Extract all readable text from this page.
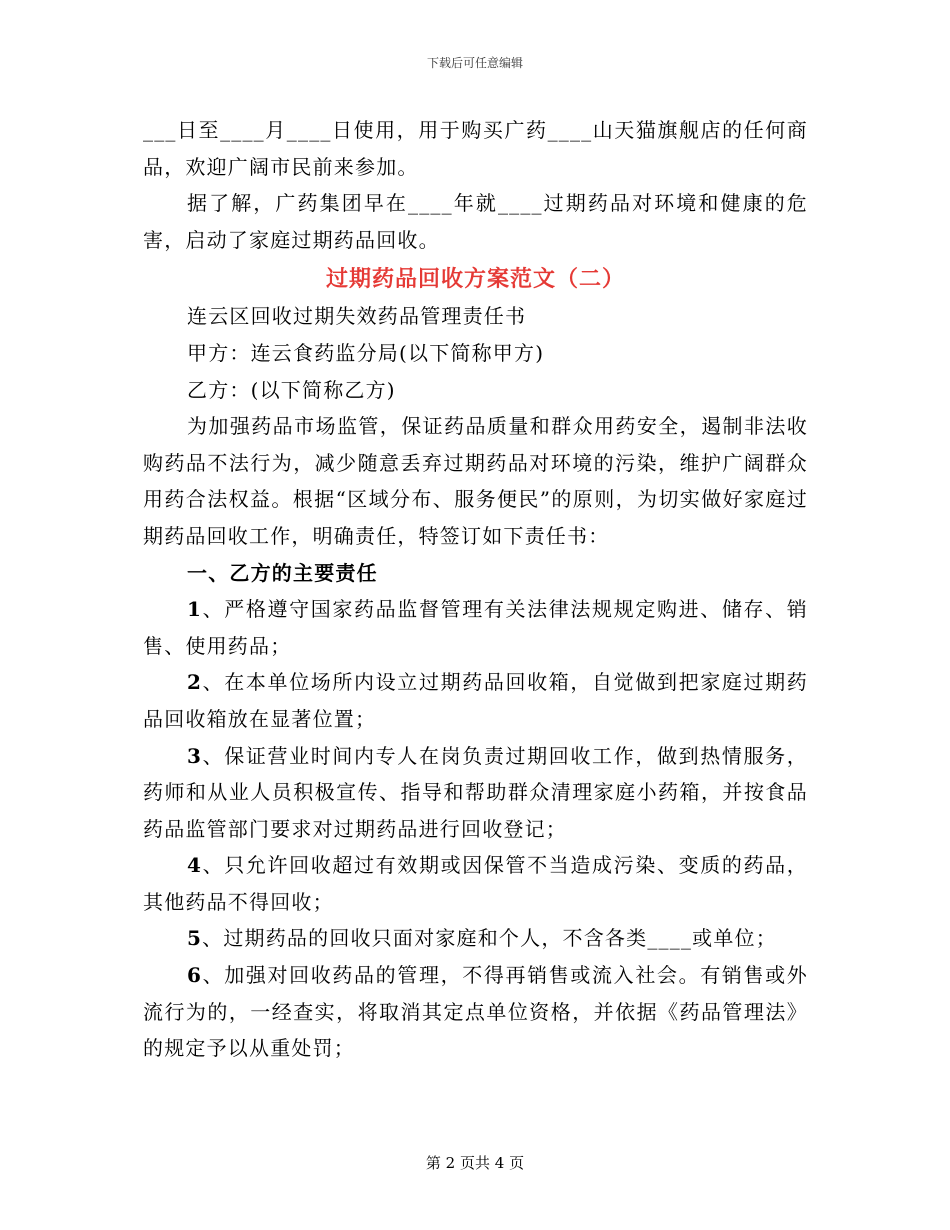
下载后可任意编辑

___日至____月____日使用，用于购买广药____山天猫旗舰店的任何商品，欢迎广阔市民前来参加。

据了解，广药集团早在____年就____过期药品对环境和健康的危害，启动了家庭过期药品回收。

过期药品回收方案范文（二）

连云区回收过期失效药品管理责任书

甲方：连云食药监分局(以下简称甲方)

乙方：(以下简称乙方)

为加强药品市场监管，保证药品质量和群众用药安全，遏制非法收购药品不法行为，减少随意丢弃过期药品对环境的污染，维护广阔群众用药合法权益。根据“区域分布、服务便民”的原则，为切实做好家庭过期药品回收工作，明确责任，特签订如下责任书：

一、乙方的主要责任

1、严格遵守国家药品监督管理有关法律法规规定购进、储存、销售、使用药品；

2、在本单位场所内设立过期药品回收箱，自觉做到把家庭过期药品回收箱放在显著位置；

3、保证营业时间内专人在岗负责过期回收工作，做到热情服务，药师和从业人员积极宣传、指导和帮助群众清理家庭小药箱，并按食品药品监管部门要求对过期药品进行回收登记；

4、只允许回收超过有效期或因保管不当造成污染、变质的药品，其他药品不得回收；

5、过期药品的回收只面对家庭和个人，不含各类____或单位；

6、加强对回收药品的管理，不得再销售或流入社会。有销售或外流行为的，一经查实，将取消其定点单位资格，并依据《药品管理法》的规定予以从重处罚；

第 2 页共 4 页
